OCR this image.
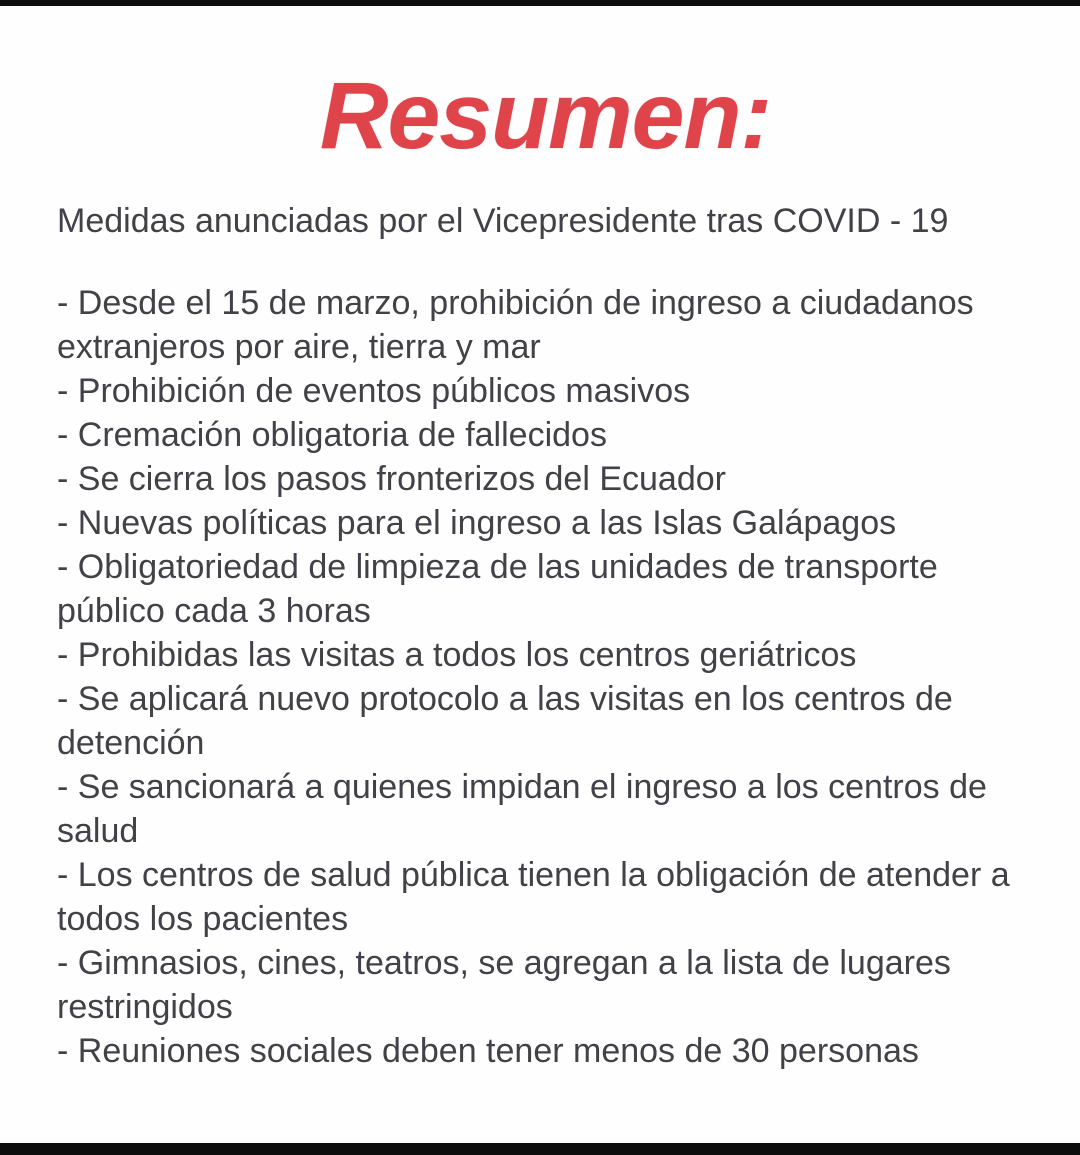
Resumen:

Medidas anunciadas por el Vicepresidente tras COVID - 19

- Desde el 15 de marzo, prohibición de ingreso a ciudadanos extranjeros por aire, tierra y mar
- Prohibición de eventos públicos masivos
- Cremación obligatoria de fallecidos
- Se cierra los pasos fronterizos del Ecuador
- Nuevas políticas para el ingreso a las Islas Galápagos
- Obligatoriedad de limpieza de las unidades de transporte público cada 3 horas
- Prohibidas las visitas a todos los centros geriátricos
- Se aplicará nuevo protocolo a las visitas en los centros de detención
- Se sancionará a quienes impidan el ingreso a los centros de salud
- Los centros de salud pública tienen la obligación de atender a todos los pacientes
- Gimnasios, cines, teatros, se agregan a la lista de lugares restringidos
- Reuniones sociales deben tener menos de 30 personas
